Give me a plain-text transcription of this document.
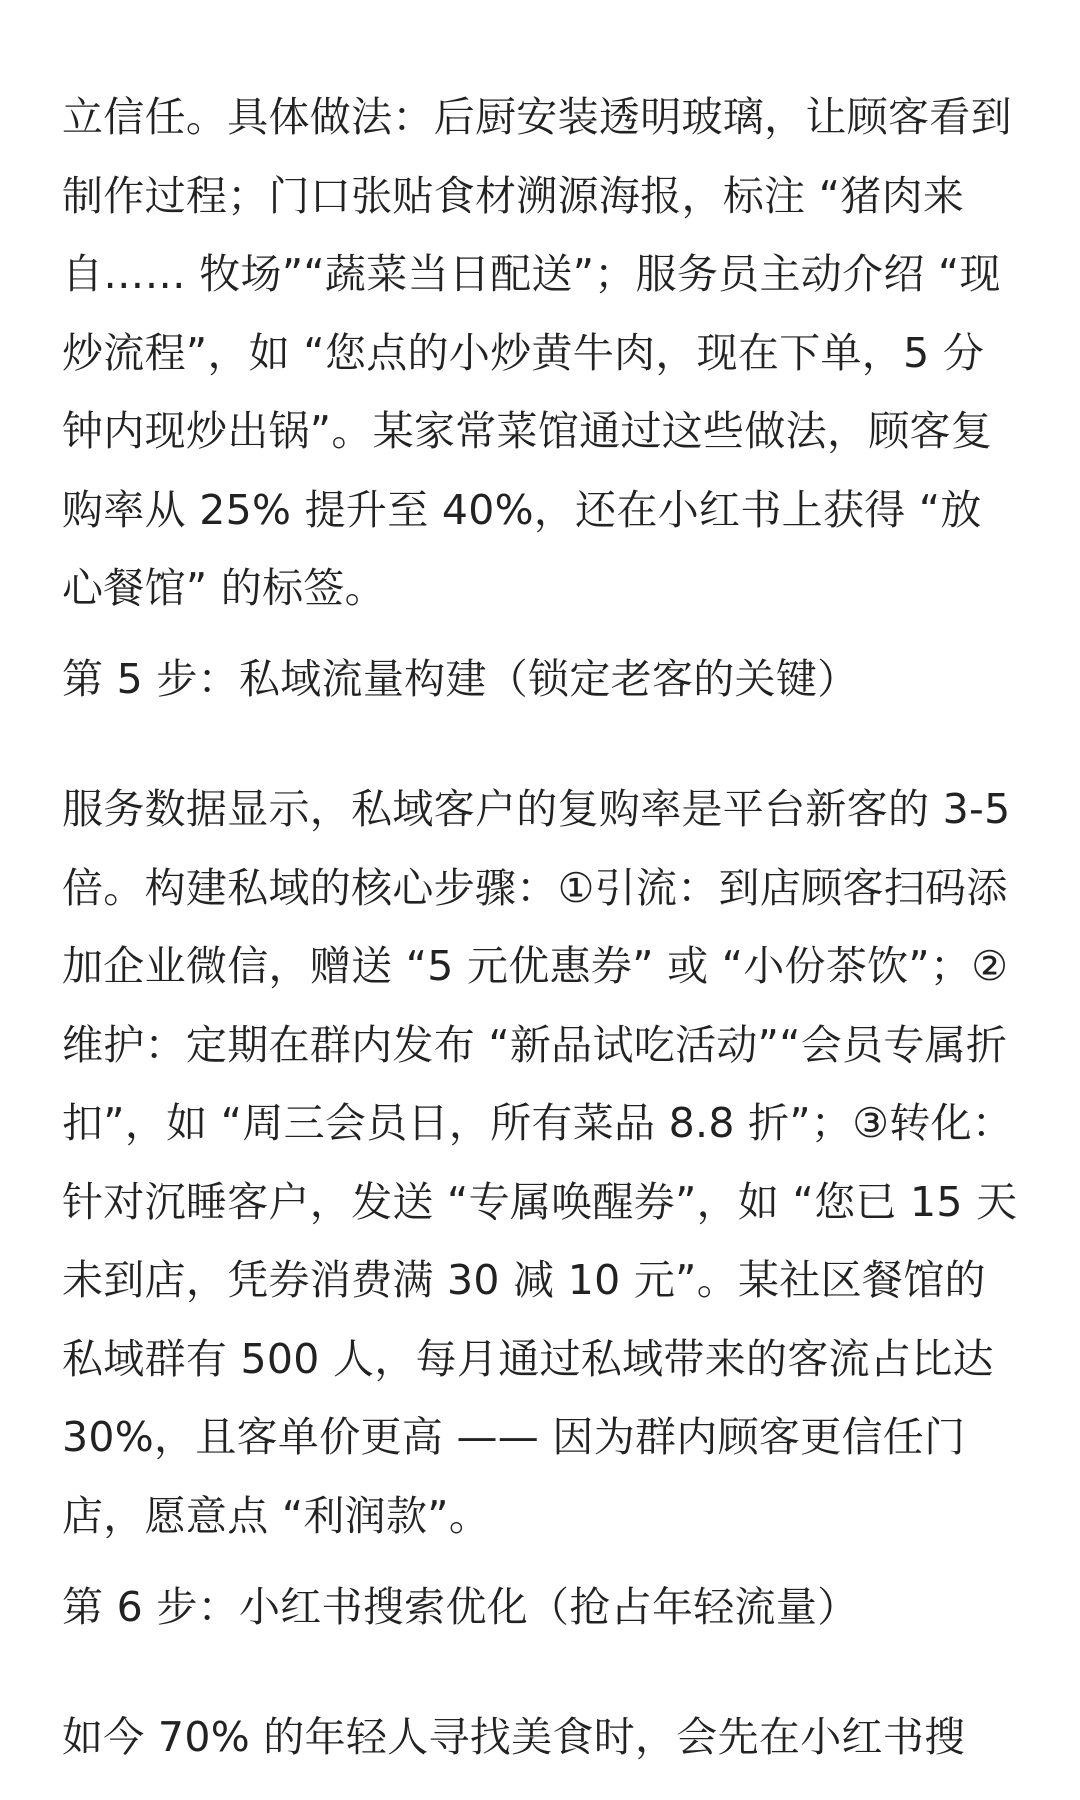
立信任。具体做法：后厨安装透明玻璃，让顾客看到制作过程；门口张贴食材溯源海报，标注 “猪肉来自…… 牧场”“蔬菜当日配送”；服务员主动介绍 “现炒流程”，如 “您点的小炒黄牛肉，现在下单，5 分钟内现炒出锅”。某家常菜馆通过这些做法，顾客复购率从 25% 提升至 40%，还在小红书上获得 “放心餐馆” 的标签。

第 5 步：私域流量构建（锁定老客的关键）

服务数据显示，私域客户的复购率是平台新客的 3-5 倍。构建私域的核心步骤：①引流：到店顾客扫码添加企业微信，赠送 “5 元优惠券” 或 “小份茶饮”；②维护：定期在群内发布 “新品试吃活动”“会员专属折扣”，如 “周三会员日，所有菜品 8.8 折”；③转化：针对沉睡客户，发送 “专属唤醒券”，如 “您已 15 天未到店，凭券消费满 30 减 10 元”。某社区餐馆的私域群有 500 人，每月通过私域带来的客流占比达 30%，且客单价更高 —— 因为群内顾客更信任门店，愿意点 “利润款”。

第 6 步：小红书搜索优化（抢占年轻流量）

如今 70% 的年轻人寻找美食时，会先在小红书搜
